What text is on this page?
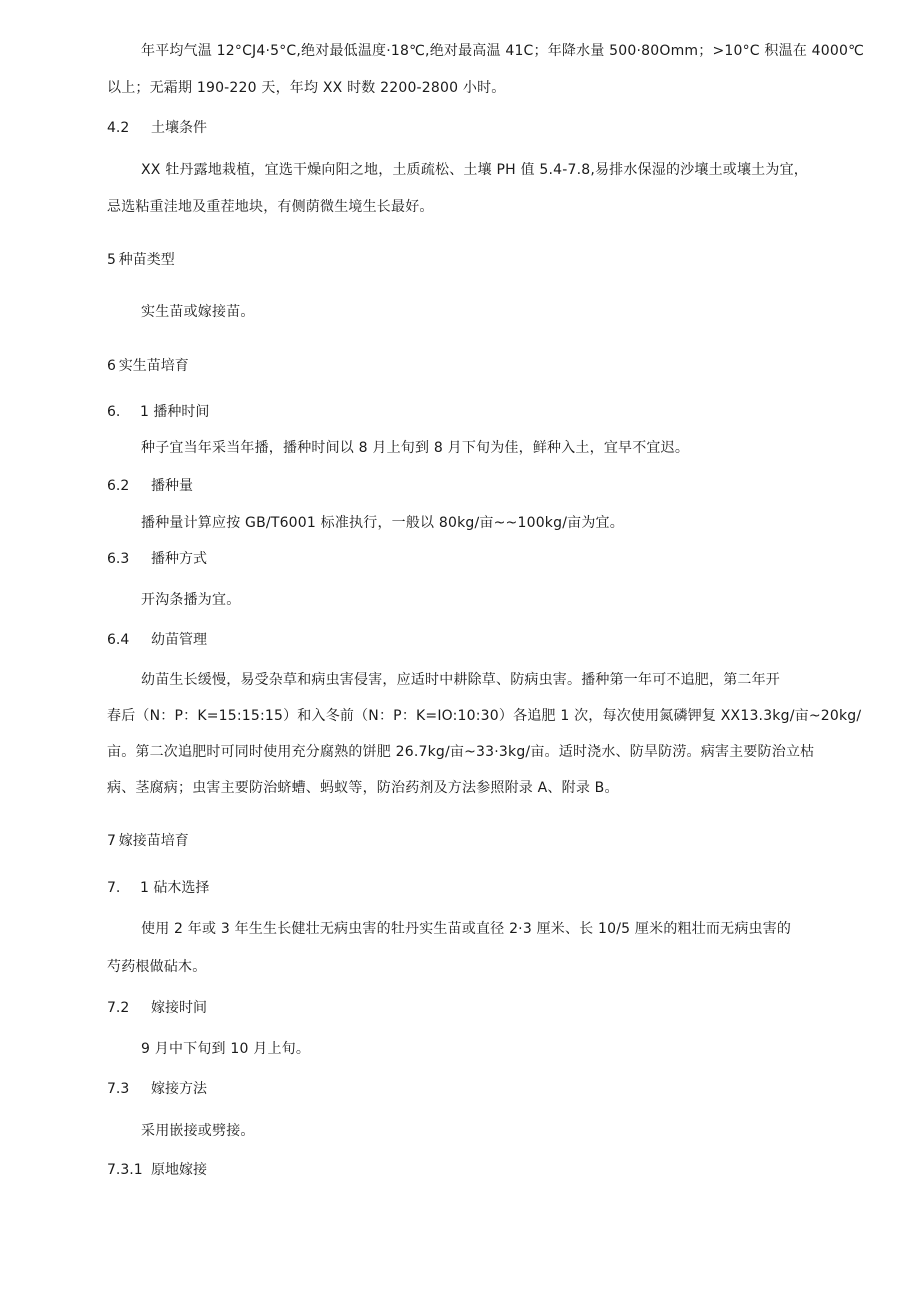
年平均气温 12°CJ4·5°C,绝对最低温度·18℃,绝对最高温 41C；年降水量 500·80Omm；>10°C 积温在 4000℃
以上；无霜期 190-220 天，年均 XX 时数 2200-2800 小时。
4.2 土壤条件
XX 牡丹露地栽植，宜选干燥向阳之地，土质疏松、土壤 PH 值 5.4-7.8,易排水保湿的沙壤土或壤土为宜，
忌选粘重洼地及重茬地块，有侧荫微生境生长最好。
5  种苗类型
实生苗或嫁接苗。
6  实生苗培育
6. 1 播种时间
种子宜当年采当年播，播种时间以 8 月上旬到 8 月下旬为佳，鲜种入土，宜早不宜迟。
6.2 播种量
播种量计算应按 GB/T6001 标准执行，一般以 80kg∕亩~~100kg/亩为宜。
6.3 播种方式
开沟条播为宜。
6.4 幼苗管理
幼苗生长缓慢，易受杂草和病虫害侵害，应适时中耕除草、防病虫害。播种第一年可不追肥，第二年开
春后（N：P：K=15:15:15）和入冬前（N：P：K=IO:10:30）各追肥 1 次，每次使用氮磷钾复 XX13.3kg/亩~20kg∕
亩。第二次追肥时可同时使用充分腐熟的饼肥 26.7kg∕亩~33·3kg/亩。适时浇水、防旱防涝。病害主要防治立枯
病、茎腐病；虫害主要防治蛴螬、蚂蚁等，防治药剂及方法参照附录 A、附录 B。
7  嫁接苗培育
7. 1 砧木选择
使用 2 年或 3 年生生长健壮无病虫害的牡丹实生苗或直径 2·3 厘米、长 10/5 厘米的粗壮而无病虫害的
芍药根做砧木。
7.2 嫁接时间
9 月中下旬到 10 月上旬。
7.3 嫁接方法
采用嵌接或劈接。
7.3.1 原地嫁接
